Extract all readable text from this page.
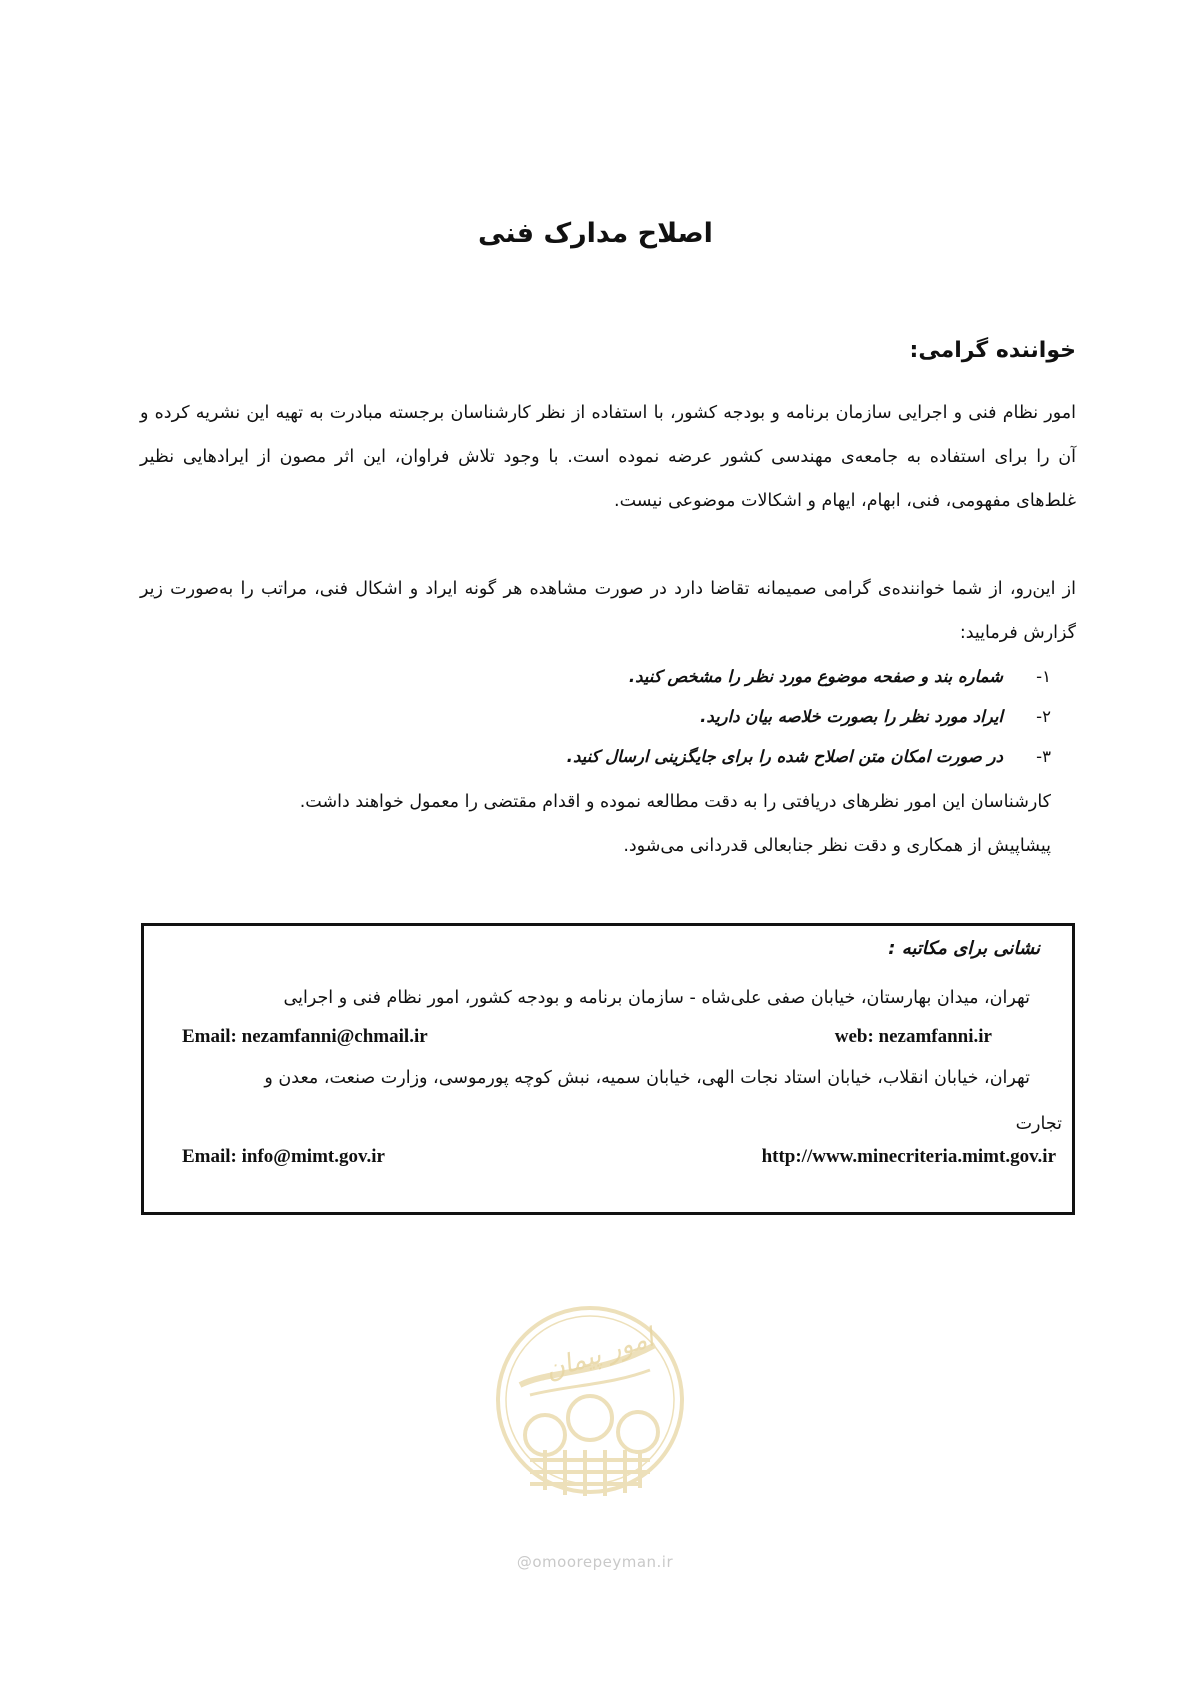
اصلاح مدارک فنی
خواننده گرامی:
امور نظام فنی و اجرایی سازمان برنامه و بودجه کشور، با استفاده از نظر کارشناسان برجسته مبادرت به تهیه این نشریه کرده و آن را برای استفاده به جامعه‌ی مهندسی کشور عرضه نموده است. با وجود تلاش فراوان، این اثر مصون از ایرادهایی نظیر غلط‌های مفهومی، فنی، ابهام، ایهام و اشکالات موضوعی نیست.
از این‌رو، از شما خواننده‌ی گرامی صمیمانه تقاضا دارد در صورت مشاهده هر گونه ایراد و اشکال فنی، مراتب را به‌صورت زیر گزارش فرمایید:
۱-شماره بند و صفحه موضوع مورد نظر را مشخص کنید.
۲-ایراد مورد نظر را بصورت خلاصه بیان دارید.
۳-در صورت امکان متن اصلاح شده را برای جایگزینی ارسال کنید.
کارشناسان این امور نظرهای دریافتی را به دقت مطالعه نموده و اقدام مقتضی را معمول خواهند داشت.
پیشاپیش از همکاری و دقت نظر جنابعالی قدردانی می‌شود.
نشانی برای مکاتبه :
تهران، میدان بهارستان، خیابان صفی علی‌شاه - سازمان برنامه و بودجه کشور، امور نظام فنی و اجرایی
Email: nezamfanni@chmail.ir	web: nezamfanni.ir
تهران، خیابان انقلاب، خیابان استاد نجات الهی، خیابان سمیه، نبش کوچه پورموسی، وزارت صنعت، معدن و
تجارت
Email: info@mimt.gov.ir	http://www.minecriteria.mimt.gov.ir
امور پیمان
@omoorepeyman.ir
